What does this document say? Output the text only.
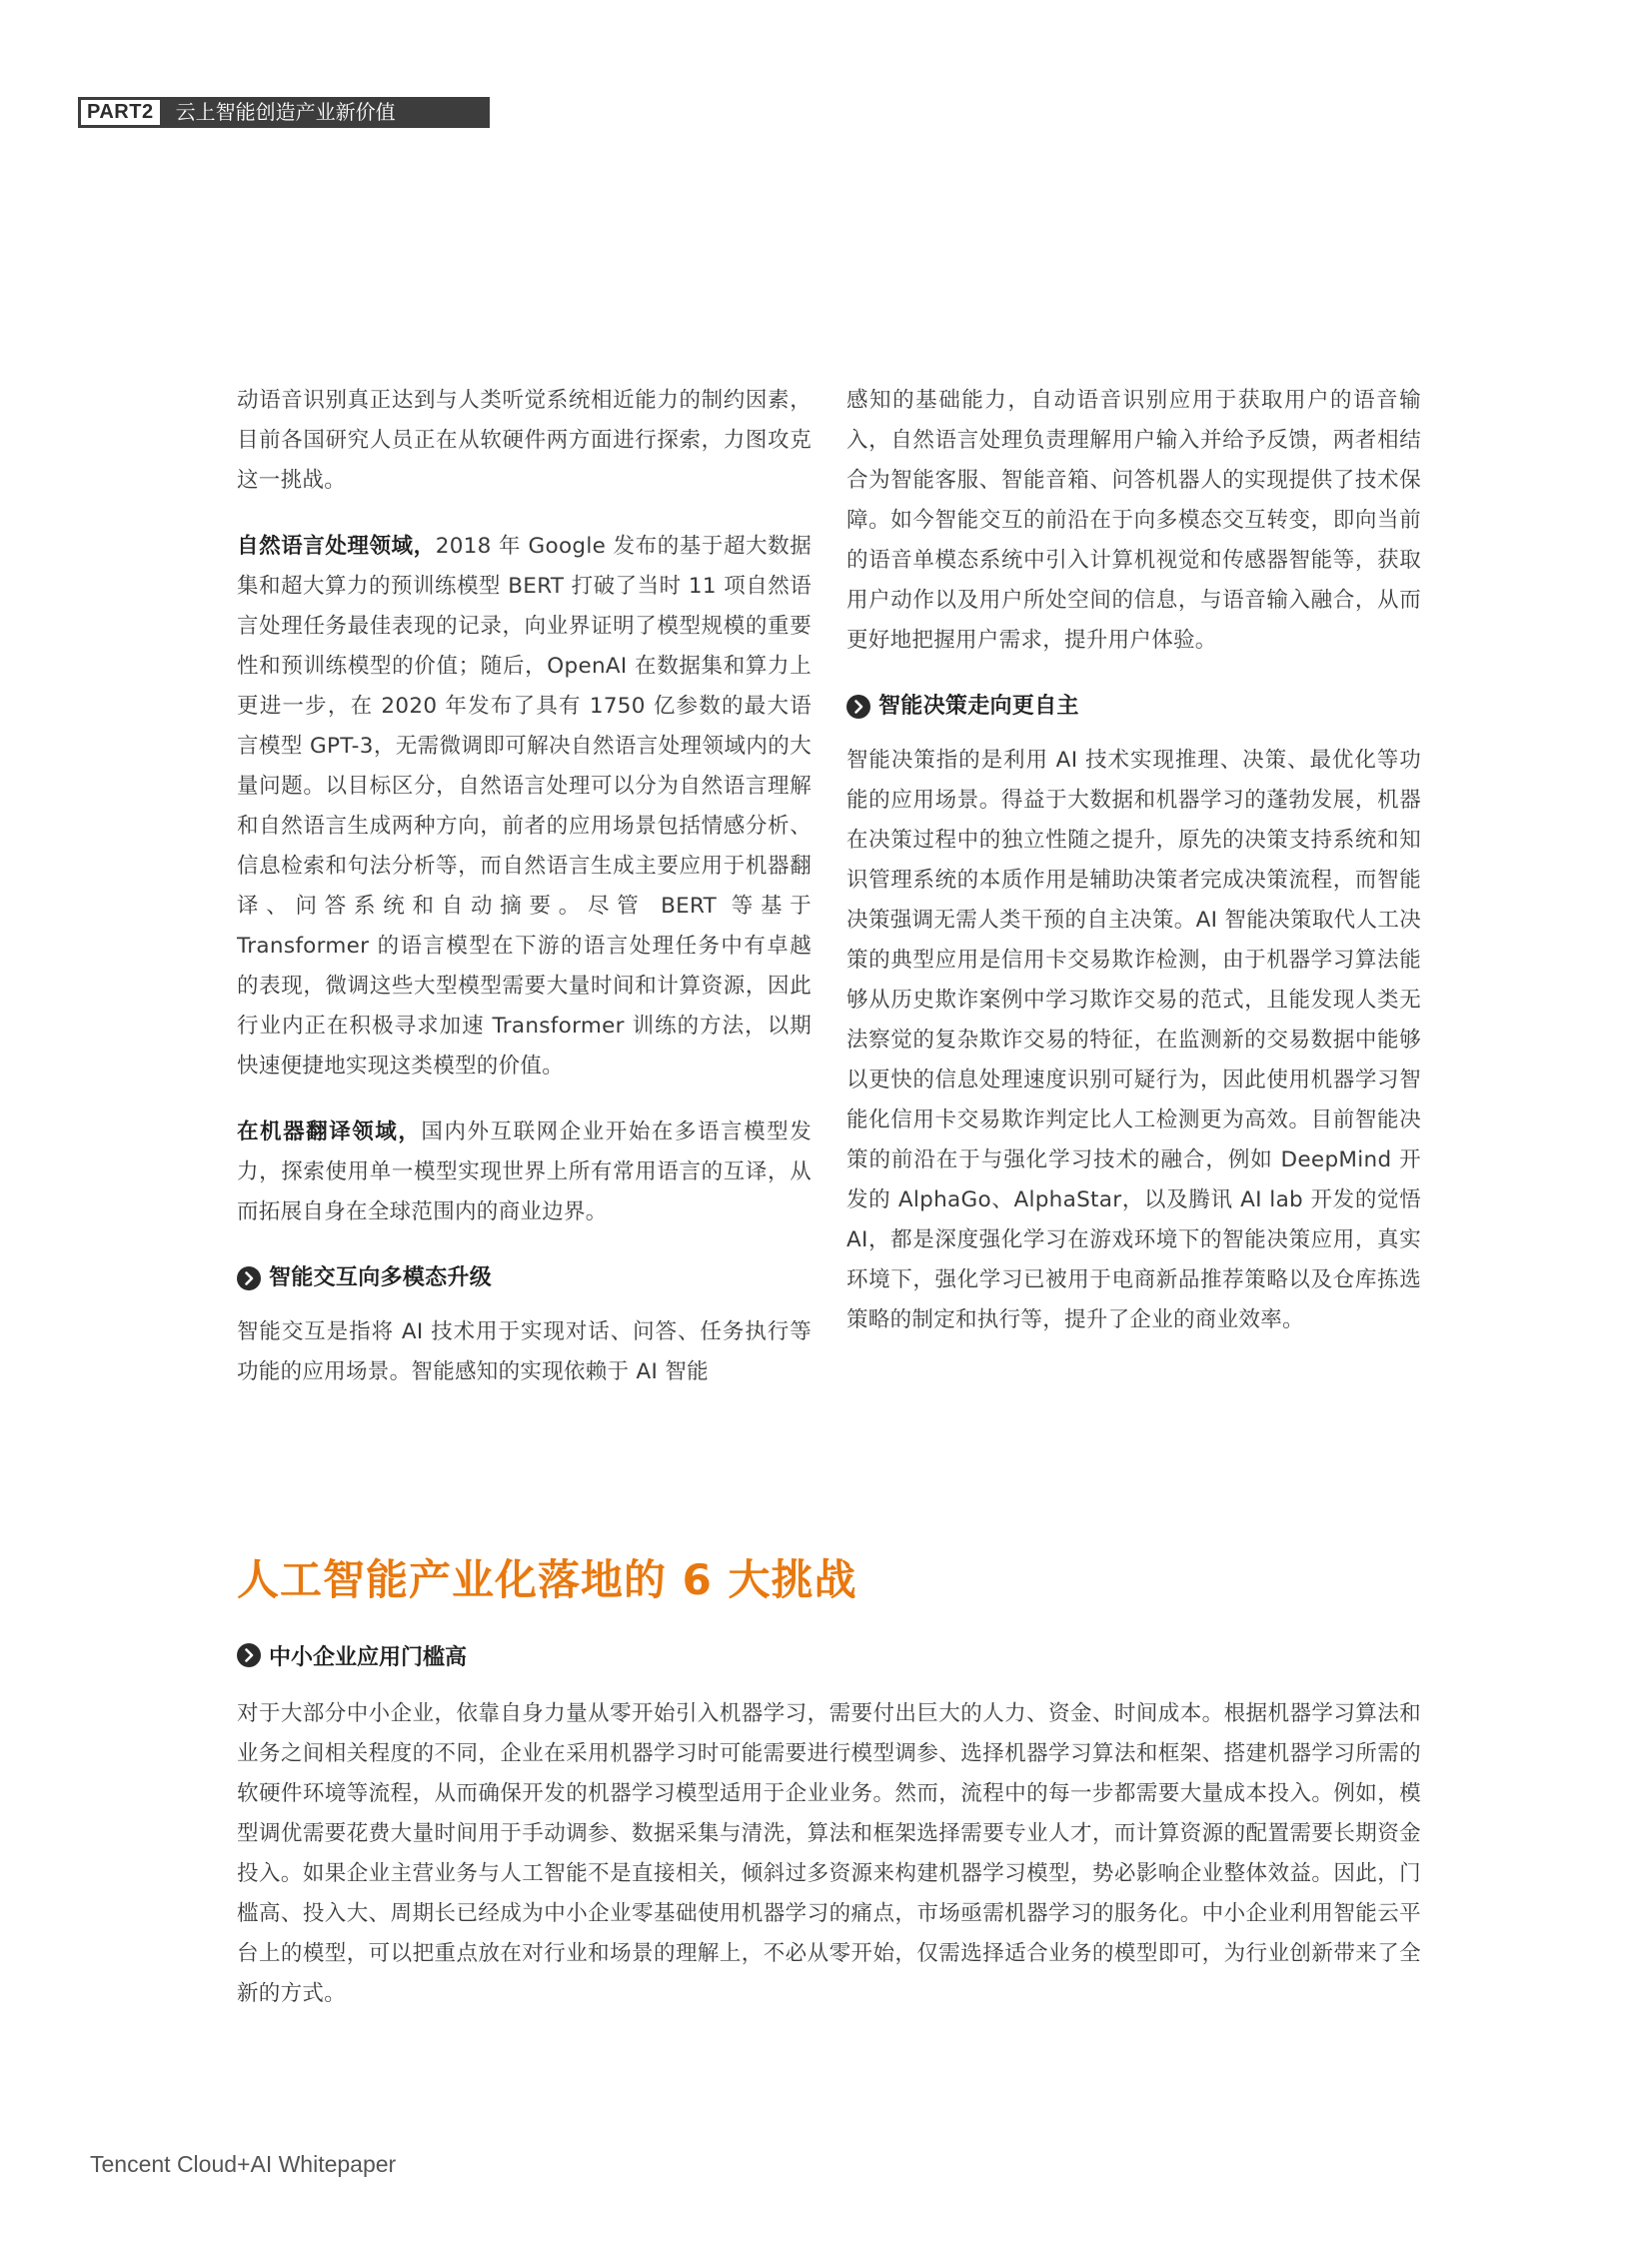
PART2	云上智能创造产业新价值

动语音识别真正达到与人类听觉系统相近能力的制约因素，目前各国研究人员正在从软硬件两方面进行探索，力图攻克这一挑战。

自然语言处理领域，2018 年 Google 发布的基于超大数据集和超大算力的预训练模型 BERT 打破了当时 11 项自然语言处理任务最佳表现的记录，向业界证明了模型规模的重要性和预训练模型的价值；随后，OpenAI 在数据集和算力上更进一步，在 2020 年发布了具有 1750 亿参数的最大语言模型 GPT-3，无需微调即可解决自然语言处理领域内的大量问题。以目标区分，自然语言处理可以分为自然语言理解和自然语言生成两种方向，前者的应用场景包括情感分析、信息检索和句法分析等，而自然语言生成主要应用于机器翻译、问答系统和自动摘要。尽管 BERT 等基于 Transformer 的语言模型在下游的语言处理任务中有卓越的表现，微调这些大型模型需要大量时间和计算资源，因此行业内正在积极寻求加速 Transformer 训练的方法，以期快速便捷地实现这类模型的价值。

在机器翻译领域，国内外互联网企业开始在多语言模型发力，探索使用单一模型实现世界上所有常用语言的互译，从而拓展自身在全球范围内的商业边界。

智能交互向多模态升级

智能交互是指将 AI 技术用于实现对话、问答、任务执行等功能的应用场景。智能感知的实现依赖于 AI 智能

感知的基础能力，自动语音识别应用于获取用户的语音输入，自然语言处理负责理解用户输入并给予反馈，两者相结合为智能客服、智能音箱、问答机器人的实现提供了技术保障。如今智能交互的前沿在于向多模态交互转变，即向当前的语音单模态系统中引入计算机视觉和传感器智能等，获取用户动作以及用户所处空间的信息，与语音输入融合，从而更好地把握用户需求，提升用户体验。

智能决策走向更自主

智能决策指的是利用 AI 技术实现推理、决策、最优化等功能的应用场景。得益于大数据和机器学习的蓬勃发展，机器在决策过程中的独立性随之提升，原先的决策支持系统和知识管理系统的本质作用是辅助决策者完成决策流程，而智能决策强调无需人类干预的自主决策。AI 智能决策取代人工决策的典型应用是信用卡交易欺诈检测，由于机器学习算法能够从历史欺诈案例中学习欺诈交易的范式，且能发现人类无法察觉的复杂欺诈交易的特征，在监测新的交易数据中能够以更快的信息处理速度识别可疑行为，因此使用机器学习智能化信用卡交易欺诈判定比人工检测更为高效。目前智能决策的前沿在于与强化学习技术的融合，例如 DeepMind 开发的 AlphaGo、AlphaStar，以及腾讯 AI lab 开发的觉悟 AI，都是深度强化学习在游戏环境下的智能决策应用，真实环境下，强化学习已被用于电商新品推荐策略以及仓库拣选策略的制定和执行等，提升了企业的商业效率。

人工智能产业化落地的 6 大挑战
中小企业应用门槛高

对于大部分中小企业，依靠自身力量从零开始引入机器学习，需要付出巨大的人力、资金、时间成本。根据机器学习算法和业务之间相关程度的不同，企业在采用机器学习时可能需要进行模型调参、选择机器学习算法和框架、搭建机器学习所需的软硬件环境等流程，从而确保开发的机器学习模型适用于企业业务。然而，流程中的每一步都需要大量成本投入。例如，模型调优需要花费大量时间用于手动调参、数据采集与清洗，算法和框架选择需要专业人才，而计算资源的配置需要长期资金投入。如果企业主营业务与人工智能不是直接相关，倾斜过多资源来构建机器学习模型，势必影响企业整体效益。因此，门槛高、投入大、周期长已经成为中小企业零基础使用机器学习的痛点，市场亟需机器学习的服务化。中小企业利用智能云平台上的模型，可以把重点放在对行业和场景的理解上，不必从零开始，仅需选择适合业务的模型即可，为行业创新带来了全新的方式。

Tencent Cloud+AI Whitepaper
